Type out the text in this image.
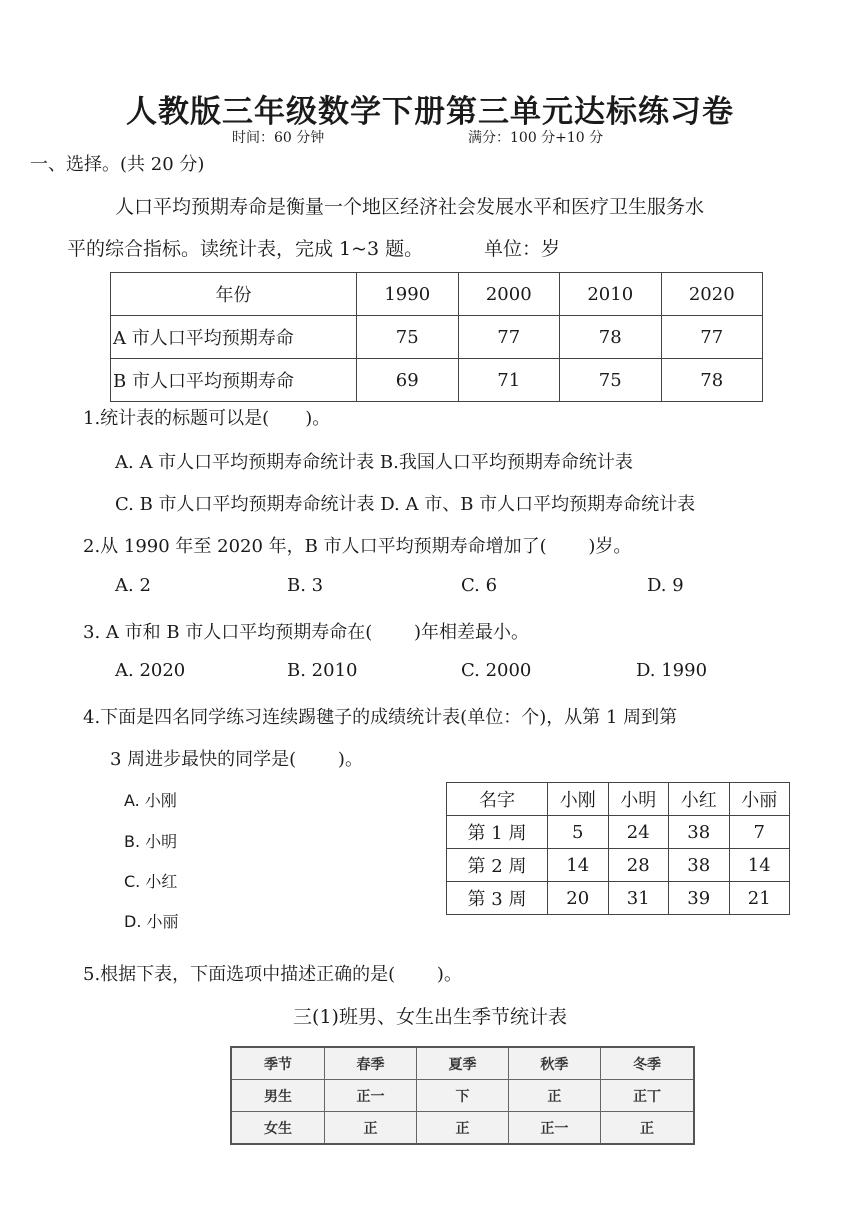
人教版三年级数学下册第三单元达标练习卷
时间：60 分钟	满分：100 分+10 分
一、选择。(共 20 分)
人口平均预期寿命是衡量一个地区经济社会发展水平和医疗卫生服务水
平的综合指标。读统计表，完成 1~3 题。	单位：岁
年份	1990	2000	2010	2020
A 市人口平均预期寿命	75	77	78	77
B 市人口平均预期寿命	69	71	75	78
1.统计表的标题可以是(　　)。
A. A 市人口平均预期寿命统计表 B.我国人口平均预期寿命统计表
C. B 市人口平均预期寿命统计表 D. A 市、B 市人口平均预期寿命统计表
2.从 1990 年至 2020 年，B 市人口平均预期寿命增加了(　　 )岁。
A. 2	B. 3	C. 6	D. 9
3. A 市和 B 市人口平均预期寿命在(　　 )年相差最小。
A. 2020	B. 2010	C. 2000	D. 1990
4.下面是四名同学练习连续踢毽子的成绩统计表(单位：个)，从第 1 周到第
3 周进步最快的同学是(　　 )。
A. 小刚
B. 小明
C. 小红
D. 小丽
名字	小刚	小明	小红	小丽
第 1 周	5	24	38	7
第 2 周	14	28	38	14
第 3 周	20	31	39	21
5.根据下表，下面选项中描述正确的是(　　 )。
三(1)班男、女生出生季节统计表
季节	春季	夏季	秋季	冬季
男生	正一	下	正	正丅
女生	正	正	正一	正
